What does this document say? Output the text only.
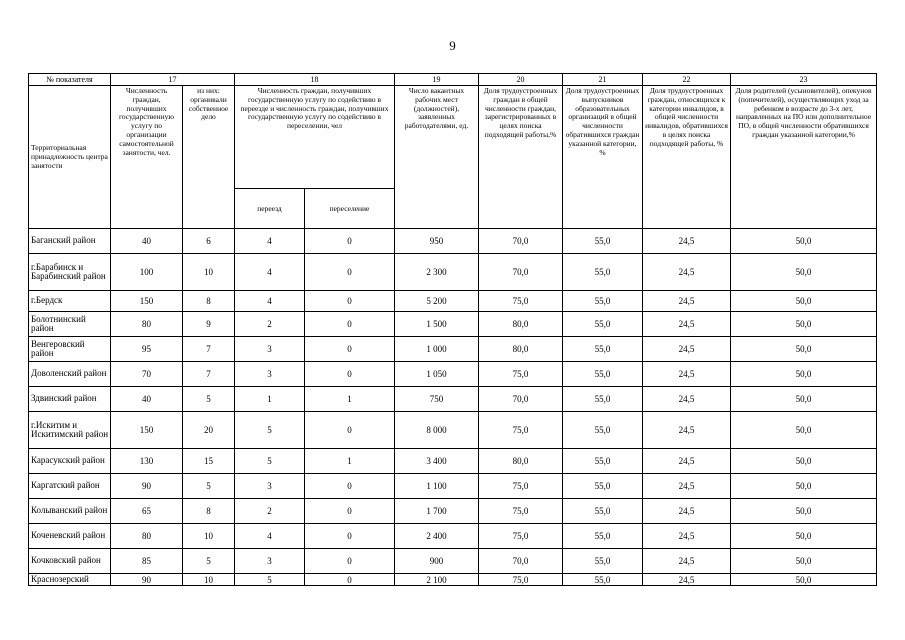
9
№ показателя	17		18		19	20	21	22	23
Территориальная принадлежность центра занятости	Численность граждан, получивших государственную услугу по организации самостоятельной занятости, чел.	из них: органивали собственное дело	Численность граждан, получивших государственную услугу по содействию в переезде и численность граждан, получивших государственную услугу по содействию в переселении, чел		Число вакантных рабочих мест (должностей), заявленных работодателями, ед.	Доля трудоустроенных граждан в общей численности граждан, зарегистрированных в целях поиска подходящей работы,%	Доля трудоустроенных выпускников образовательных организаций в общей численности обратившихся граждан указанной категории, %	Доля трудоустроенных граждан, относящихся к категории инвалидов, в общей численности инвалидов, обратившихся в целях поиска подходящей работы, %	Доля родителей (усыновителей), опекунов (попечителей), осуществляющих уход за ребенком в возрасте до 3-х лет, направленных на ПО или дополнительное ПО, в общей численности обратившихся граждан указанной категории,%
			переезд	переселение					
Баганский район	40	6	4	0	950	70,0	55,0	24,5	50,0
г.Барабинск и Барабинский район	100	10	4	0	2 300	70,0	55,0	24,5	50,0
г.Бердск	150	8	4	0	5 200	75,0	55,0	24,5	50,0
Болотнинский район	80	9	2	0	1 500	80,0	55,0	24,5	50,0
Венгеровский район	95	7	3	0	1 000	80,0	55,0	24,5	50,0
Доволенский район	70	7	3	0	1 050	75,0	55,0	24,5	50,0
Здвинский район	40	5	1	1	750	70,0	55,0	24,5	50,0
г.Искитим и Искитимский район	150	20	5	0	8 000	75,0	55,0	24,5	50,0
Карасукский район	130	15	5	1	3 400	80,0	55,0	24,5	50,0
Каргатский район	90	5	3	0	1 100	75,0	55,0	24,5	50,0
Колыванский район	65	8	2	0	1 700	75,0	55,0	24,5	50,0
Коченевский район	80	10	4	0	2 400	75,0	55,0	24,5	50,0
Кочковский район	85	5	3	0	900	70,0	55,0	24,5	50,0
Краснозерский	90	10	5	0	2 100	75,0	55,0	24,5	50,0
